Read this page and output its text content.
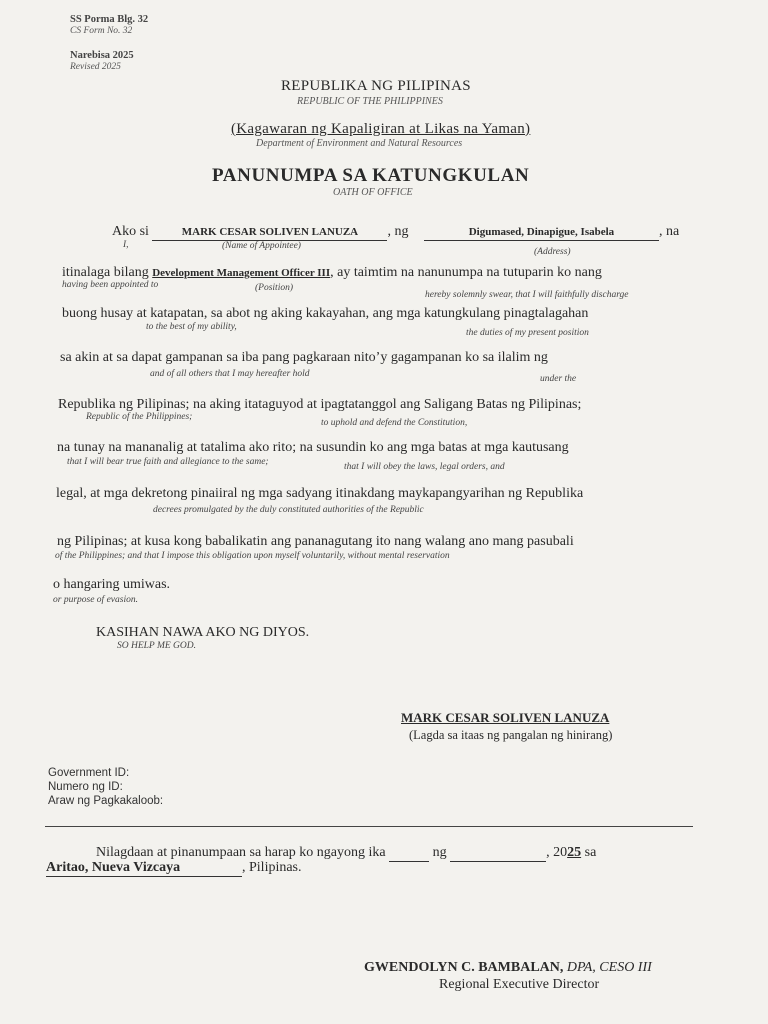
SS Porma Blg. 32
CS Form No. 32
Narebisa 2025
Revised 2025
REPUBLIKA NG PILIPINAS
REPUBLIC OF THE PHILIPPINES
(Kagawaran ng Kapaligiran at Likas na Yaman)
Department of Environment and Natural Resources
PANUNUMPA SA KATUNGKULAN
OATH OF OFFICE
Ako si	MARK CESAR SOLIVEN LANUZA , ng	Digumased, Dinapigue, Isabela	, na
I,	(Name of Appointee)
(Address)
itinalaga bilang Development Management Officer III, ay taimtim na nanunumpa na tutuparin ko nang
having been appointed to	(Position)
hereby solemnly swear, that I will faithfully discharge
buong husay at katapatan, sa abot ng aking kakayahan, ang mga katungkulang pinagtalagahan
to the best of my ability,
the duties of my present position
sa akin at sa dapat gampanan sa iba pang pagkaraan nito’y gagampanan ko sa ilalim ng
and of all others that I may hereafter hold	under the
Republika ng Pilipinas; na aking itataguyod at ipagtatanggol ang Saligang Batas ng Pilipinas;
Republic of the Philippines;
to uphold and defend the Constitution,
na tunay na mananalig at tatalima ako rito; na susundin ko ang mga batas at mga kautusang
that I will bear true faith and allegiance to the same;	that I will obey the laws, legal orders, and
legal, at mga dekretong pinaiiral ng mga sadyang itinakdang maykapangyarihan ng Republika
decrees promulgated by the duly constituted authorities of the Republic
ng Pilipinas; at kusa kong babalikatin ang pananagutang ito nang walang ano mang pasubali
of the Philippines; and that I impose this obligation upon myself voluntarily, without mental reservation
o hangaring umiwas.
or purpose of evasion.
KASIHAN NAWA AKO NG DIYOS.
SO HELP ME GOD.
MARK CESAR SOLIVEN LANUZA
(Lagda sa itaas ng pangalan ng hinirang)
Government ID:
Numero ng ID:
Araw ng Pagkakaloob:
Nilagdaan at pinanumpaan sa harap ko ngayong ika	ng	, 2025 sa
Aritao, Nueva Vizcaya	, Pilipinas.
GWENDOLYN C. BAMBALAN, DPA, CESO III
Regional Executive Director
